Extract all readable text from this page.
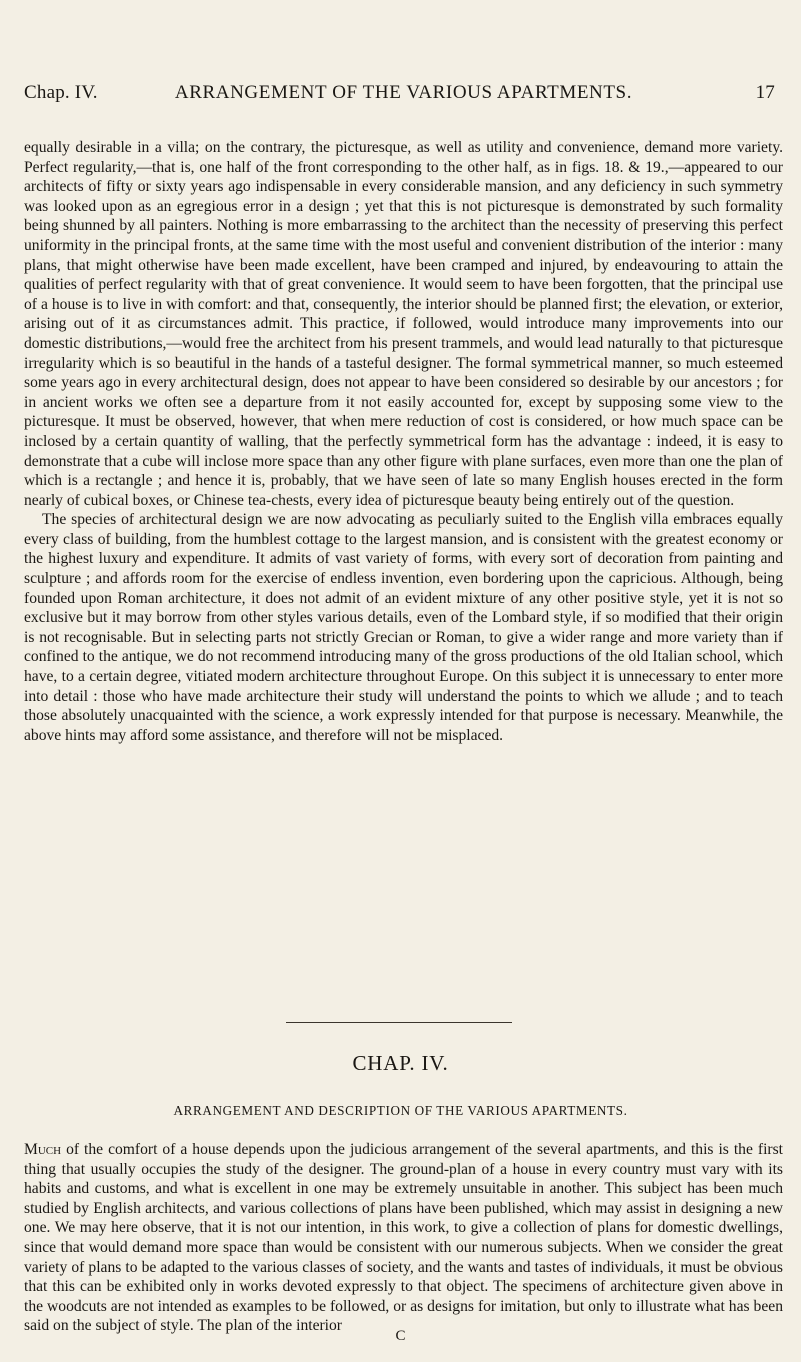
Chap. IV.	ARRANGEMENT OF THE VARIOUS APARTMENTS.	17

equally desirable in a villa; on the contrary, the picturesque, as well as utility and convenience, demand more variety. Perfect regularity,—that is, one half of the front corresponding to the other half, as in figs. 18. & 19.,—appeared to our architects of fifty or sixty years ago indispensable in every considerable mansion, and any deficiency in such symmetry was looked upon as an egregious error in a design ; yet that this is not picturesque is demonstrated by such formality being shunned by all painters. Nothing is more embarrassing to the architect than the necessity of preserving this perfect uniformity in the principal fronts, at the same time with the most useful and convenient distribution of the interior : many plans, that might otherwise have been made excellent, have been cramped and injured, by endeavouring to attain the qualities of perfect regularity with that of great convenience. It would seem to have been forgotten, that the principal use of a house is to live in with comfort: and that, consequently, the interior should be planned first; the elevation, or exterior, arising out of it as circumstances admit. This practice, if followed, would introduce many improvements into our domestic distributions,—would free the architect from his present trammels, and would lead naturally to that picturesque irregularity which is so beautiful in the hands of a tasteful designer. The formal symmetrical manner, so much esteemed some years ago in every architectural design, does not appear to have been considered so desirable by our ancestors ; for in ancient works we often see a departure from it not easily accounted for, except by supposing some view to the picturesque. It must be observed, however, that when mere reduction of cost is considered, or how much space can be inclosed by a certain quantity of walling, that the perfectly symmetrical form has the advantage : indeed, it is easy to demonstrate that a cube will inclose more space than any other figure with plane surfaces, even more than one the plan of which is a rectangle ; and hence it is, probably, that we have seen of late so many English houses erected in the form nearly of cubical boxes, or Chinese tea-chests, every idea of picturesque beauty being entirely out of the question.

The species of architectural design we are now advocating as peculiarly suited to the English villa embraces equally every class of building, from the humblest cottage to the largest mansion, and is consistent with the greatest economy or the highest luxury and expenditure. It admits of vast variety of forms, with every sort of decoration from painting and sculpture ; and affords room for the exercise of endless invention, even bordering upon the capricious. Although, being founded upon Roman architecture, it does not admit of an evident mixture of any other positive style, yet it is not so exclusive but it may borrow from other styles various details, even of the Lombard style, if so modified that their origin is not recognisable. But in selecting parts not strictly Grecian or Roman, to give a wider range and more variety than if confined to the antique, we do not recommend introducing many of the gross productions of the old Italian school, which have, to a certain degree, vitiated modern architecture throughout Europe. On this subject it is unnecessary to enter more into detail : those who have made architecture their study will understand the points to which we allude ; and to teach those absolutely unacquainted with the science, a work expressly intended for that purpose is necessary. Meanwhile, the above hints may afford some assistance, and therefore will not be misplaced.

CHAP. IV.
ARRANGEMENT AND DESCRIPTION OF THE VARIOUS APARTMENTS.

Much of the comfort of a house depends upon the judicious arrangement of the several apartments, and this is the first thing that usually occupies the study of the designer. The ground-plan of a house in every country must vary with its habits and customs, and what is excellent in one may be extremely unsuitable in another. This subject has been much studied by English architects, and various collections of plans have been published, which may assist in designing a new one. We may here observe, that it is not our intention, in this work, to give a collection of plans for domestic dwellings, since that would demand more space than would be consistent with our numerous subjects. When we consider the great variety of plans to be adapted to the various classes of society, and the wants and tastes of individuals, it must be obvious that this can be exhibited only in works devoted expressly to that object. The specimens of architecture given above in the woodcuts are not intended as examples to be followed, or as designs for imitation, but only to illustrate what has been said on the subject of style. The plan of the interior

C
